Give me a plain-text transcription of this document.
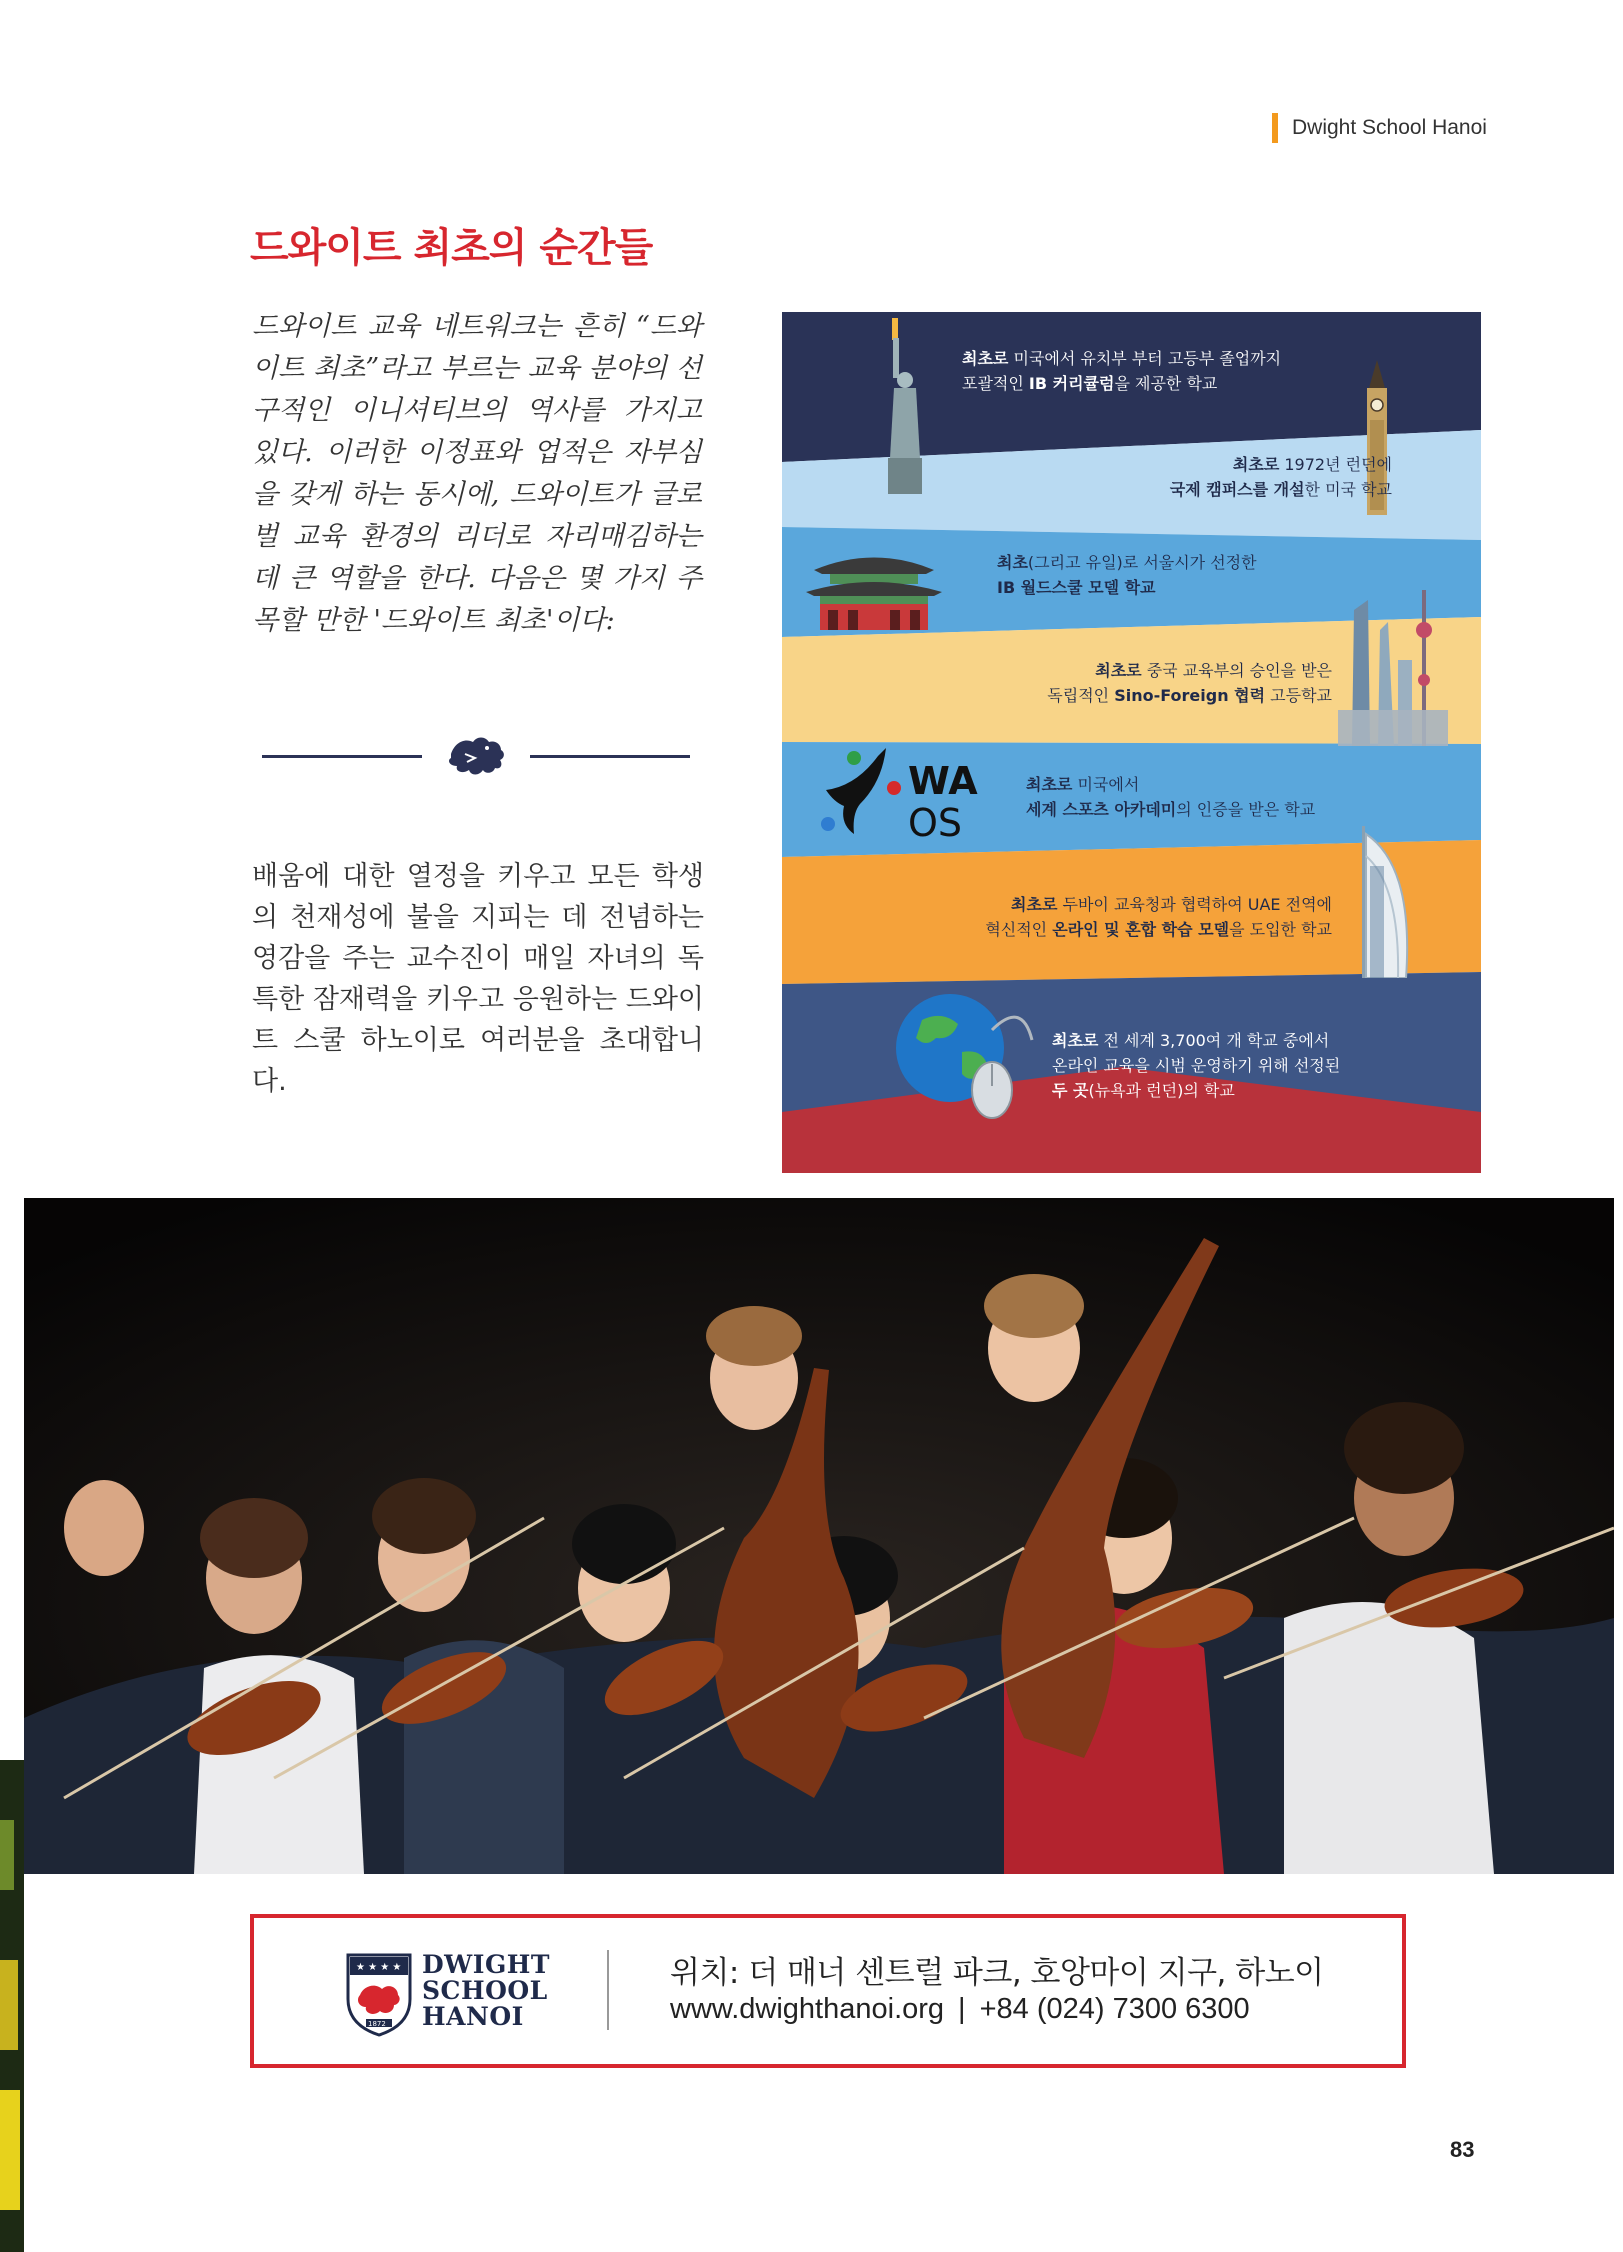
Dwight School Hanoi
드와이트 최초의 순간들
드와이트 교육 네트워크는 흔히 “드와이트 최초”라고 부르는 교육 분야의 선구적인 이니셔티브의 역사를 가지고 있다. 이러한 이정표와 업적은 자부심을 갖게 하는 동시에, 드와이트가 글로벌 교육 환경의 리더로 자리매김하는 데 큰 역할을 한다. 다음은 몇 가지 주목할 만한 '드와이트 최초'이다:
배움에 대한 열정을 키우고 모든 학생의 천재성에 불을 지피는 데 전념하는 영감을 주는 교수진이 매일 자녀의 독특한 잠재력을 키우고 응원하는 드와이트 스쿨 하노이로 여러분을 초대합니다.
WA
OS
최초로 미국에서 유치부 부터 고등부 졸업까지
포괄적인 IB 커리큘럼을 제공한 학교
최초로 1972년 런던에
국제 캠퍼스를 개설한 미국 학교
최초(그리고 유일)로 서울시가 선정한
IB 월드스쿨 모델 학교
최초로 중국 교육부의 승인을 받은
독립적인 Sino-Foreign 협력 고등학교
최초로 미국에서
세계 스포츠 아카데미의 인증을 받은 학교
최초로 두바이 교육청과 협력하여 UAE 전역에
혁신적인 온라인 및 혼합 학습 모델을 도입한 학교
최초로 전 세계 3,700여 개 학교 중에서
온라인 교육을 시범 운영하기 위해 선정된
두 곳(뉴욕과 런던)의 학교
★ ★ ★ ★
1872
DWIGHT
SCHOOL
HANOI
위치: 더 매너 센트럴 파크, 호앙마이 지구, 하노이
www.dwighthanoi.org | +84 (024) 7300 6300
83
